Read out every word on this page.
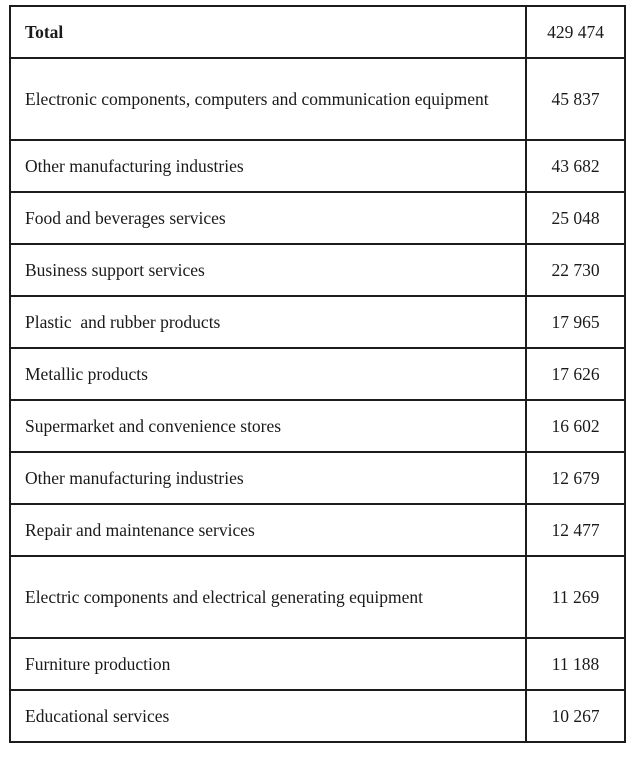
Total	429 474
Electronic components, computers and communication equipment	45 837
Other manufacturing industries	43 682
Food and beverages services	25 048
Business support services	22 730
Plastic  and rubber products	17 965
Metallic products	17 626
Supermarket and convenience stores	16 602
Other manufacturing industries	12 679
Repair and maintenance services	12 477
Electric components and electrical generating equipment	11 269
Furniture production	11 188
Educational services	10 267
